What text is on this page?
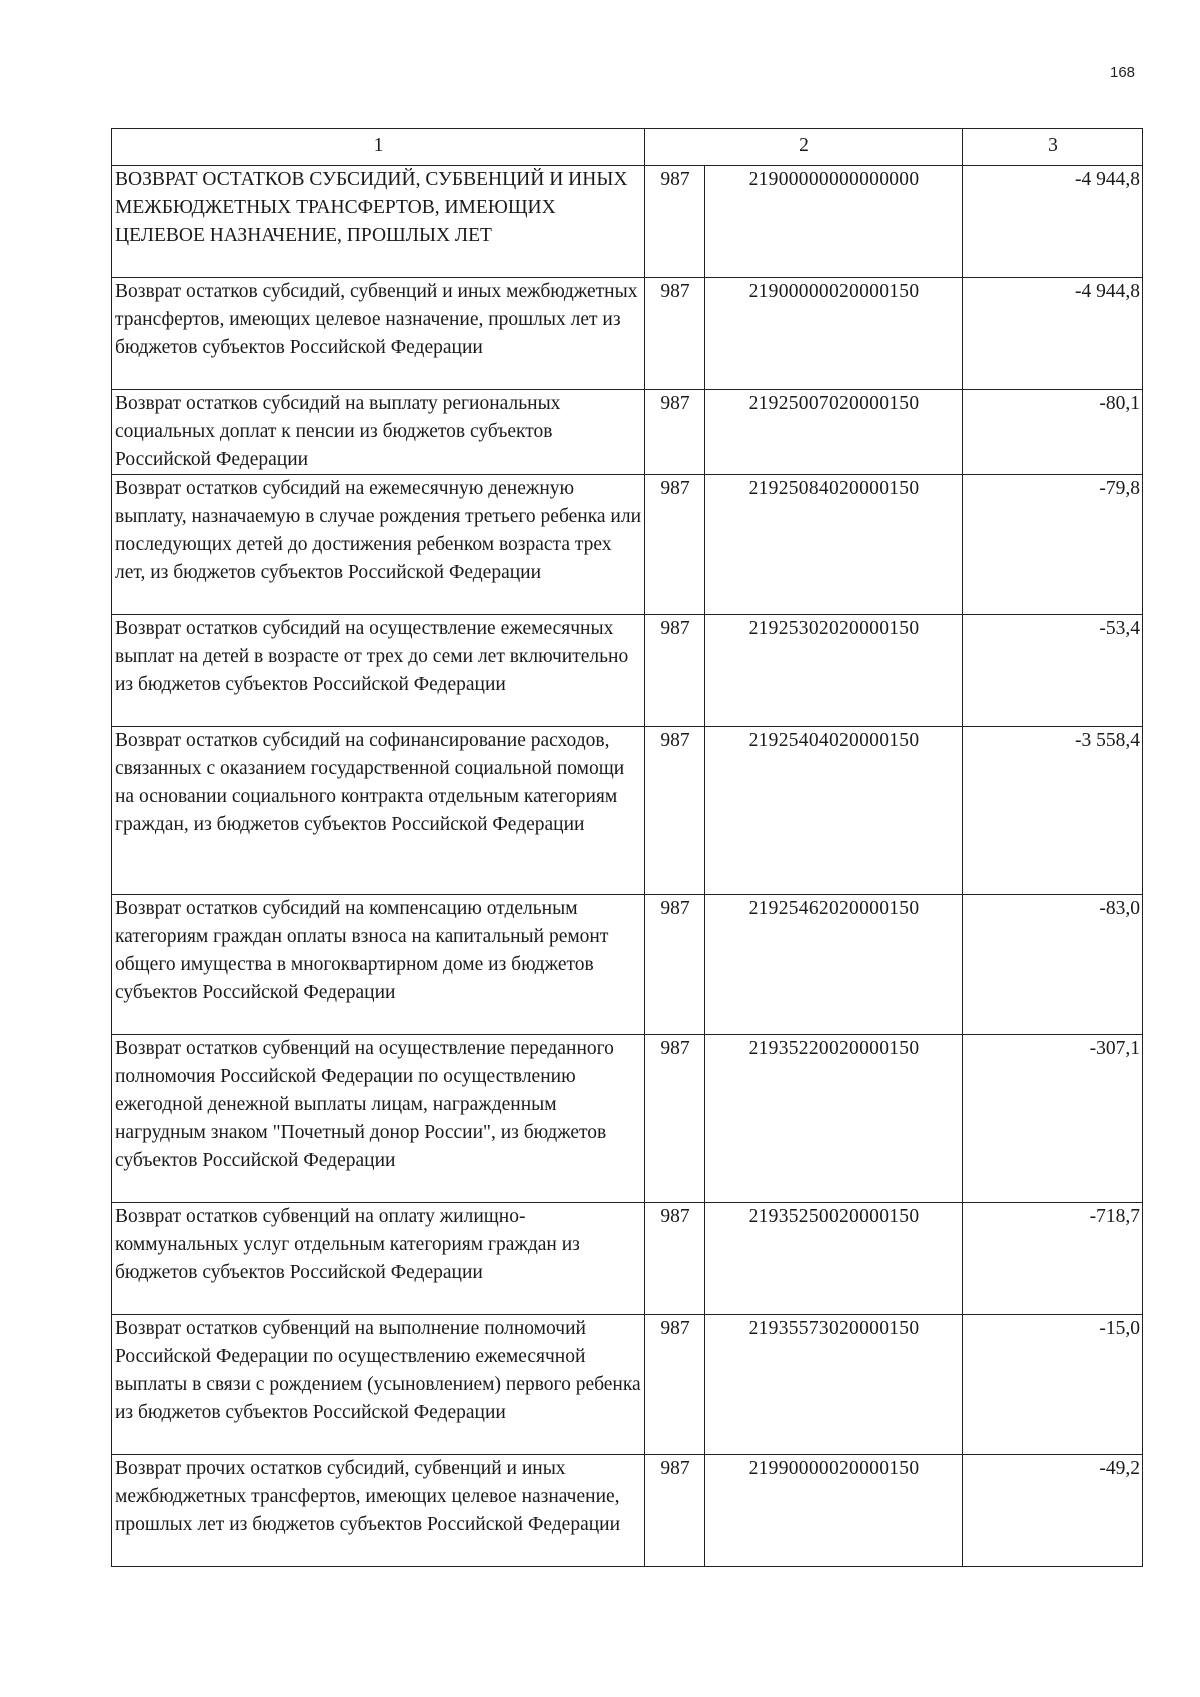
168
1	2		3
ВОЗВРАТ ОСТАТКОВ СУБСИДИЙ, СУБВЕНЦИЙ И ИНЫХ МЕЖБЮДЖЕТНЫХ ТРАНСФЕРТОВ, ИМЕЮЩИХ ЦЕЛЕВОЕ НАЗНАЧЕНИЕ, ПРОШЛЫХ ЛЕТ	987	21900000000000000	-4 944,8
Возврат остатков субсидий, субвенций и иных межбюджетных трансфертов, имеющих целевое назначение, прошлых лет из бюджетов субъектов Российской Федерации	987	21900000020000150	-4 944,8
Возврат остатков субсидий на выплату региональных социальных доплат к пенсии из бюджетов субъектов Российской Федерации	987	21925007020000150	-80,1
Возврат остатков субсидий на ежемесячную денежную выплату, назначаемую в случае рождения третьего ребенка или последующих детей до достижения ребенком возраста трех лет, из бюджетов субъектов Российской Федерации	987	21925084020000150	-79,8
Возврат остатков субсидий на осуществление ежемесячных выплат на детей в возрасте от трех до семи лет включительно из бюджетов субъектов Российской Федерации	987	21925302020000150	-53,4
Возврат остатков субсидий на софинансирование расходов, связанных с оказанием государственной социальной помощи на основании социального контракта отдельным категориям граждан, из бюджетов субъектов Российской Федерации	987	21925404020000150	-3 558,4
Возврат остатков субсидий на компенсацию отдельным категориям граждан оплаты взноса на капитальный ремонт общего имущества в многоквартирном доме из бюджетов субъектов Российской Федерации	987	21925462020000150	-83,0
Возврат остатков субвенций на осуществление переданного полномочия Российской Федерации по осуществлению ежегодной денежной выплаты лицам, награжденным нагрудным знаком "Почетный донор России", из бюджетов субъектов Российской Федерации	987	21935220020000150	-307,1
Возврат остатков субвенций на оплату жилищно-коммунальных услуг отдельным категориям граждан из бюджетов субъектов Российской Федерации	987	21935250020000150	-718,7
Возврат остатков субвенций на выполнение полномочий Российской Федерации по осуществлению ежемесячной выплаты в связи с рождением (усыновлением) первого ребенка из бюджетов субъектов Российской Федерации	987	21935573020000150	-15,0
Возврат прочих остатков субсидий, субвенций и иных межбюджетных трансфертов, имеющих целевое назначение, прошлых лет из бюджетов субъектов Российской Федерации	987	21990000020000150	-49,2
